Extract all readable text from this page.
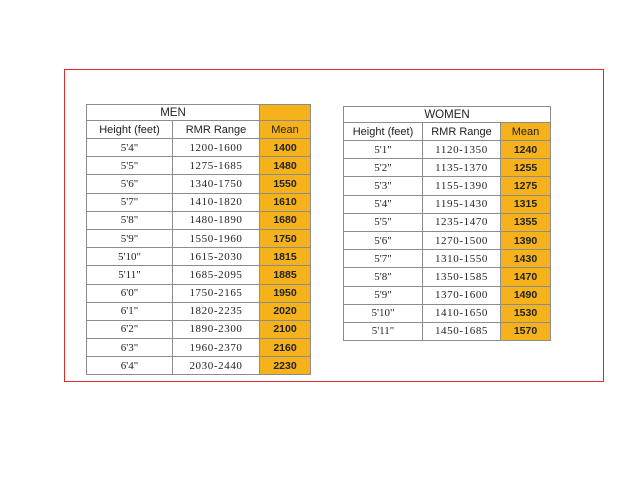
MEN		
Height (feet)	RMR Range	Mean
5'4"	1200-1600	1400
5'5"	1275-1685	1480
5'6"	1340-1750	1550
5'7"	1410-1820	1610
5'8"	1480-1890	1680
5'9"	1550-1960	1750
5'10"	1615-2030	1815
5'11"	1685-2095	1885
6'0"	1750-2165	1950
6'1"	1820-2235	2020
6'2"	1890-2300	2100
6'3"	1960-2370	2160
6'4"	2030-2440	2230
WOMEN		
Height (feet)	RMR Range	Mean
5'1"	1120-1350	1240
5'2"	1135-1370	1255
5'3"	1155-1390	1275
5'4"	1195-1430	1315
5'5"	1235-1470	1355
5'6"	1270-1500	1390
5'7"	1310-1550	1430
5'8"	1350-1585	1470
5'9"	1370-1600	1490
5'10"	1410-1650	1530
5'11"	1450-1685	1570
